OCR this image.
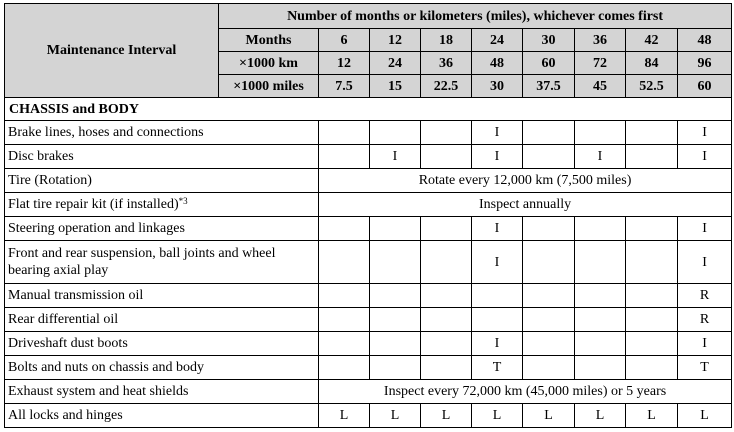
Maintenance Interval	Number of months or kilometers (miles), whichever comes first								
	Months	6	12	18	24	30	36	42	48
	×1000 km	12	24	36	48	60	72	84	96
	×1000 miles	7.5	15	22.5	30	37.5	45	52.5	60
CHASSIS and BODY									
Brake lines, hoses and connections					I				I
Disc brakes			I		I		I		I
Tire (Rotation)		Rotate every 12,000 km (7,500 miles)							
Flat tire repair kit (if installed)$^{*3}$		Inspect annually							
Steering operation and linkages					I				I
Front and rear suspension, ball joints and wheel bearing axial play					I				I
Manual transmission oil									R
Rear differential oil									R
Driveshaft dust boots					I				I
Bolts and nuts on chassis and body					T				T
Exhaust system and heat shields		Inspect every 72,000 km (45,000 miles) or 5 years							
All locks and hinges		L	L	L	L	L	L	L	L
